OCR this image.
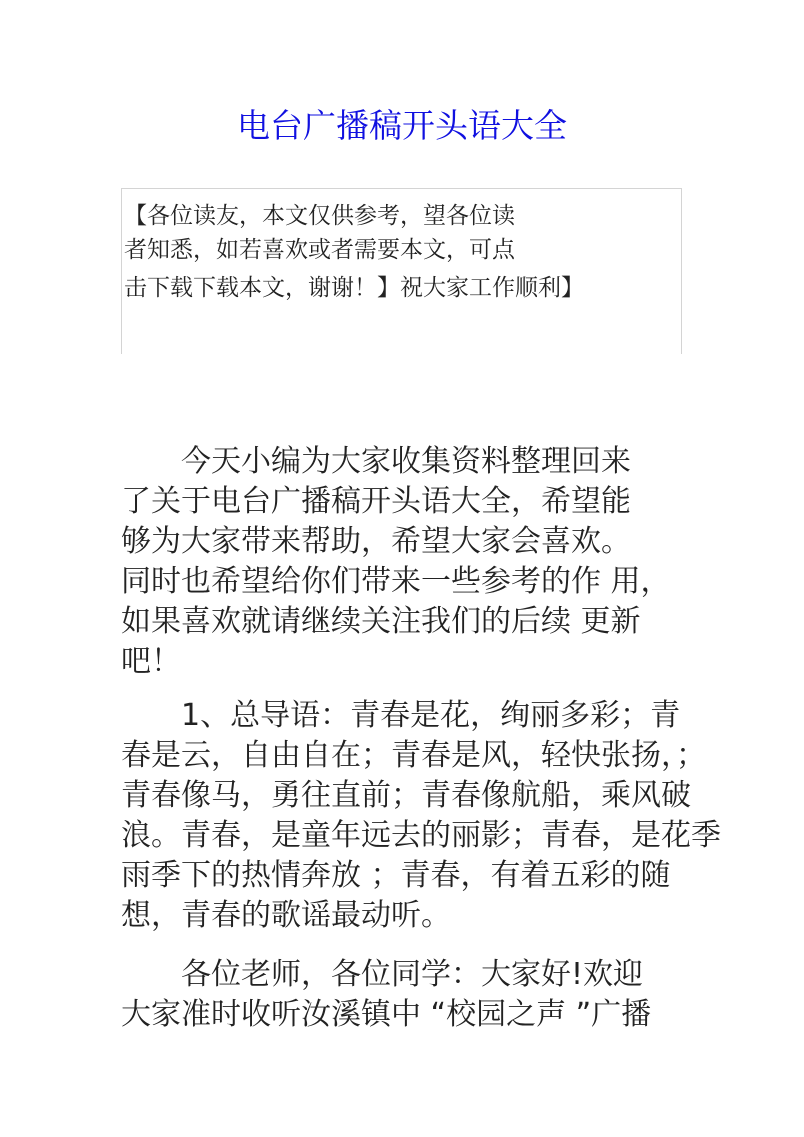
电台广播稿开头语大全
【各位读友，本文仅供参考，望各位读
者知悉，如若喜欢或者需要本文，可点
击下载下载本文，谢谢！】祝大家工作顺利】
　　今天小编为大家收集资料整理回来
了关于电台广播稿开头语大全，希望能
够为大家带来帮助，希望大家会喜欢。
同时也希望给你们带来一些参考的作 用，
如果喜欢就请继续关注我们的后续 更新
吧！
　　1、总导语：青春是花，绚丽多彩；青
春是云，自由自在；青春是风，轻快张扬，；
青春像马，勇往直前；青春像航船，乘风破
浪。青春，是童年远去的丽影；青春，是花季
雨季下的热情奔放 ；青春，有着五彩的随
想，青春的歌谣最动听。
　　各位老师，各位同学：大家好!欢迎
大家准时收听汝溪镇中 “校园之声 ”广播
